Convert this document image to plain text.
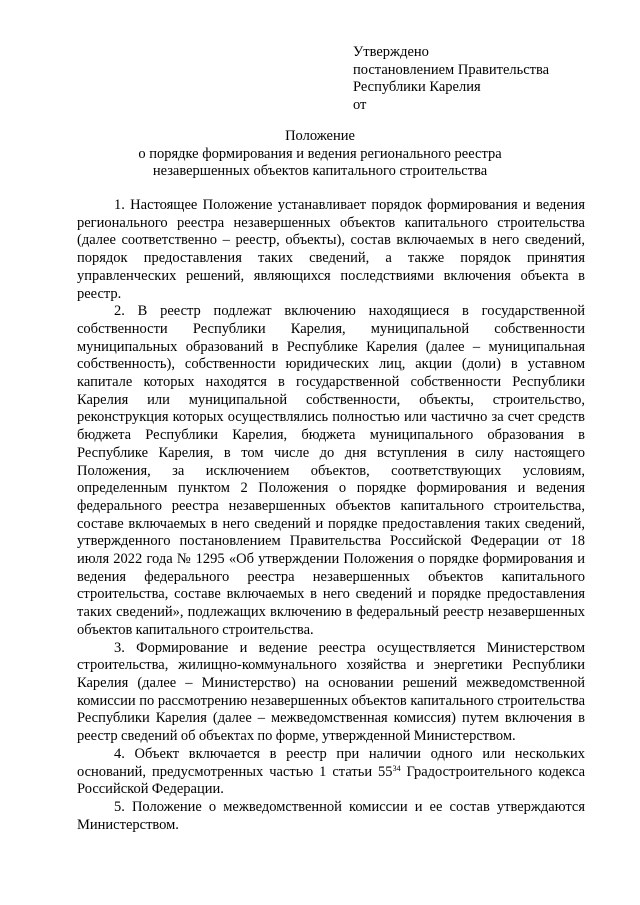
Утверждено
постановлением Правительства
Республики Карелия
от
Положение
о порядке формирования и ведения регионального реестра
незавершенных объектов капитального строительства

1. Настоящее Положение устанавливает порядок формирования и ведения регионального реестра незавершенных объектов капитального строительства (далее соответственно – реестр, объекты), состав включаемых в него сведений, порядок предоставления таких сведений, а также порядок принятия управленческих решений, являющихся последствиями включения объекта в реестр.

2. В реестр подлежат включению находящиеся в государственной собственности Республики Карелия, муниципальной собственности муниципальных образований в Республике Карелия (далее – муниципальная собственность), собственности юридических лиц, акции (доли) в уставном капитале которых находятся в государственной собственности Республики Карелия или муниципальной собственности, объекты, строительство, реконструкция которых осуществлялись полностью или частично за счет средств бюджета Республики Карелия, бюджета муниципального образования в Республике Карелия, в том числе до дня вступления в силу настоящего Положения, за исключением объектов, соответствующих условиям, определенным пунктом 2 Положения о порядке формирования и ведения федерального реестра незавершенных объектов капитального строительства, составе включаемых в него сведений и порядке предоставления таких сведений, утвержденного постановлением Правительства Российской Федерации от 18 июля 2022 года № 1295 «Об утверждении Положения о порядке формирования и ведения федерального реестра незавершенных объектов капитального строительства, составе включаемых в него сведений и порядке предоставления таких сведений», подлежащих включению в федеральный реестр незавершенных объектов капитального строительства.

3. Формирование и ведение реестра осуществляется Министерством строительства, жилищно-коммунального хозяйства и энергетики Республики Карелия (далее – Министерство) на основании решений межведомственной комиссии по рассмотрению незавершенных объектов капитального строительства Республики Карелия (далее – межведомственная комиссия) путем включения в реестр сведений об объектах по форме, утвержденной Министерством.

4. Объект включается в реестр при наличии одного или нескольких оснований, предусмотренных частью 1 статьи $55^{34}$ Градостроительного кодекса Российской Федерации.

5. Положение о межведомственной комиссии и ее состав утверждаются Министерством.
